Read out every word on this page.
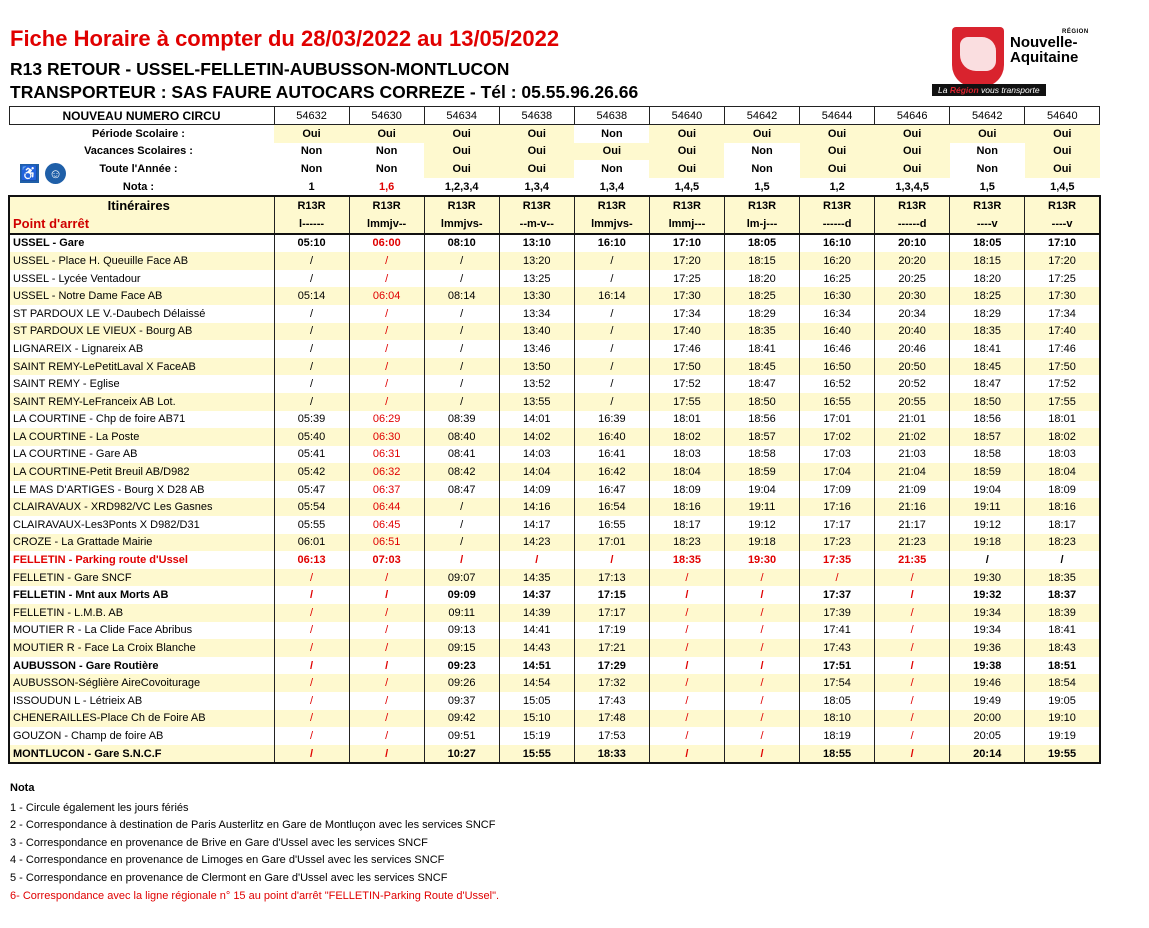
Fiche Horaire à compter du 28/03/2022 au 13/05/2022
R13 RETOUR - USSEL-FELLETIN-AUBUSSON-MONTLUCON
TRANSPORTEUR : SAS FAURE AUTOCARS CORREZE - Tél : 05.55.96.26.66
RÉGION
Nouvelle-
Aquitaine
La Région vous transporte
♿ ☺
NOUVEAU NUMERO CIRCU	54632	54630	54634	54638	54638	54640	54642	54644	54646	54642	54640
Période Scolaire :	Oui	Oui	Oui	Oui	Non	Oui	Oui	Oui	Oui	Oui	Oui
Vacances Scolaires :	Non	Non	Oui	Oui	Oui	Oui	Non	Oui	Oui	Non	Oui
Toute l'Année :	Non	Non	Oui	Oui	Non	Oui	Non	Oui	Oui	Non	Oui
Nota :	1	1,6	1,2,3,4	1,3,4	1,3,4	1,4,5	1,5	1,2	1,3,4,5	1,5	1,4,5
Itinéraires	R13R	R13R	R13R	R13R	R13R	R13R	R13R	R13R	R13R	R13R	R13R
Point d'arrêt	l------	lmmjv--	lmmjvs-	--m-v--	lmmjvs-	lmmj---	lm-j---	------d	------d	----v	----v
USSEL - Gare	05:10	06:00	08:10	13:10	16:10	17:10	18:05	16:10	20:10	18:05	17:10
USSEL - Place H. Queuille Face AB	/	/	/	13:20	/	17:20	18:15	16:20	20:20	18:15	17:20
USSEL - Lycée Ventadour	/	/	/	13:25	/	17:25	18:20	16:25	20:25	18:20	17:25
USSEL - Notre Dame Face AB	05:14	06:04	08:14	13:30	16:14	17:30	18:25	16:30	20:30	18:25	17:30
ST PARDOUX LE V.-Daubech Délaissé	/	/	/	13:34	/	17:34	18:29	16:34	20:34	18:29	17:34
ST PARDOUX LE VIEUX - Bourg AB	/	/	/	13:40	/	17:40	18:35	16:40	20:40	18:35	17:40
LIGNAREIX - Lignareix AB	/	/	/	13:46	/	17:46	18:41	16:46	20:46	18:41	17:46
SAINT REMY-LePetitLaval X FaceAB	/	/	/	13:50	/	17:50	18:45	16:50	20:50	18:45	17:50
SAINT REMY - Eglise	/	/	/	13:52	/	17:52	18:47	16:52	20:52	18:47	17:52
SAINT REMY-LeFranceix AB Lot.	/	/	/	13:55	/	17:55	18:50	16:55	20:55	18:50	17:55
LA COURTINE - Chp de foire AB71	05:39	06:29	08:39	14:01	16:39	18:01	18:56	17:01	21:01	18:56	18:01
LA COURTINE - La Poste	05:40	06:30	08:40	14:02	16:40	18:02	18:57	17:02	21:02	18:57	18:02
LA COURTINE - Gare AB	05:41	06:31	08:41	14:03	16:41	18:03	18:58	17:03	21:03	18:58	18:03
LA COURTINE-Petit Breuil AB/D982	05:42	06:32	08:42	14:04	16:42	18:04	18:59	17:04	21:04	18:59	18:04
LE MAS D'ARTIGES - Bourg X D28 AB	05:47	06:37	08:47	14:09	16:47	18:09	19:04	17:09	21:09	19:04	18:09
CLAIRAVAUX - XRD982/VC Les Gasnes	05:54	06:44	/	14:16	16:54	18:16	19:11	17:16	21:16	19:11	18:16
CLAIRAVAUX-Les3Ponts X D982/D31	05:55	06:45	/	14:17	16:55	18:17	19:12	17:17	21:17	19:12	18:17
CROZE - La Grattade Mairie	06:01	06:51	/	14:23	17:01	18:23	19:18	17:23	21:23	19:18	18:23
FELLETIN - Parking route d'Ussel	06:13	07:03	/	/	/	18:35	19:30	17:35	21:35	/	/
FELLETIN - Gare SNCF	/	/	09:07	14:35	17:13	/	/	/	/	19:30	18:35
FELLETIN - Mnt aux Morts AB	/	/	09:09	14:37	17:15	/	/	17:37	/	19:32	18:37
FELLETIN - L.M.B. AB	/	/	09:11	14:39	17:17	/	/	17:39	/	19:34	18:39
MOUTIER R - La Clide Face Abribus	/	/	09:13	14:41	17:19	/	/	17:41	/	19:34	18:41
MOUTIER R - Face La Croix Blanche	/	/	09:15	14:43	17:21	/	/	17:43	/	19:36	18:43
AUBUSSON - Gare Routière	/	/	09:23	14:51	17:29	/	/	17:51	/	19:38	18:51
AUBUSSON-Séglière AireCovoiturage	/	/	09:26	14:54	17:32	/	/	17:54	/	19:46	18:54
ISSOUDUN L - Létrieix AB	/	/	09:37	15:05	17:43	/	/	18:05	/	19:49	19:05
CHENERAILLES-Place Ch de Foire AB	/	/	09:42	15:10	17:48	/	/	18:10	/	20:00	19:10
GOUZON - Champ de foire AB	/	/	09:51	15:19	17:53	/	/	18:19	/	20:05	19:19
MONTLUCON - Gare S.N.C.F	/	/	10:27	15:55	18:33	/	/	18:55	/	20:14	19:55
Nota
1 - Circule également les jours fériés
2 - Correspondance à destination de Paris Austerlitz en Gare de Montluçon avec les services SNCF
3 - Correspondance en provenance de Brive en Gare d'Ussel avec les services SNCF
4 - Correspondance en provenance de Limoges en Gare d'Ussel avec les services SNCF
5 - Correspondance en provenance de Clermont en Gare d'Ussel avec les services SNCF
6- Correspondance avec la ligne régionale n° 15 au point d'arrêt "FELLETIN-Parking Route d'Ussel".
